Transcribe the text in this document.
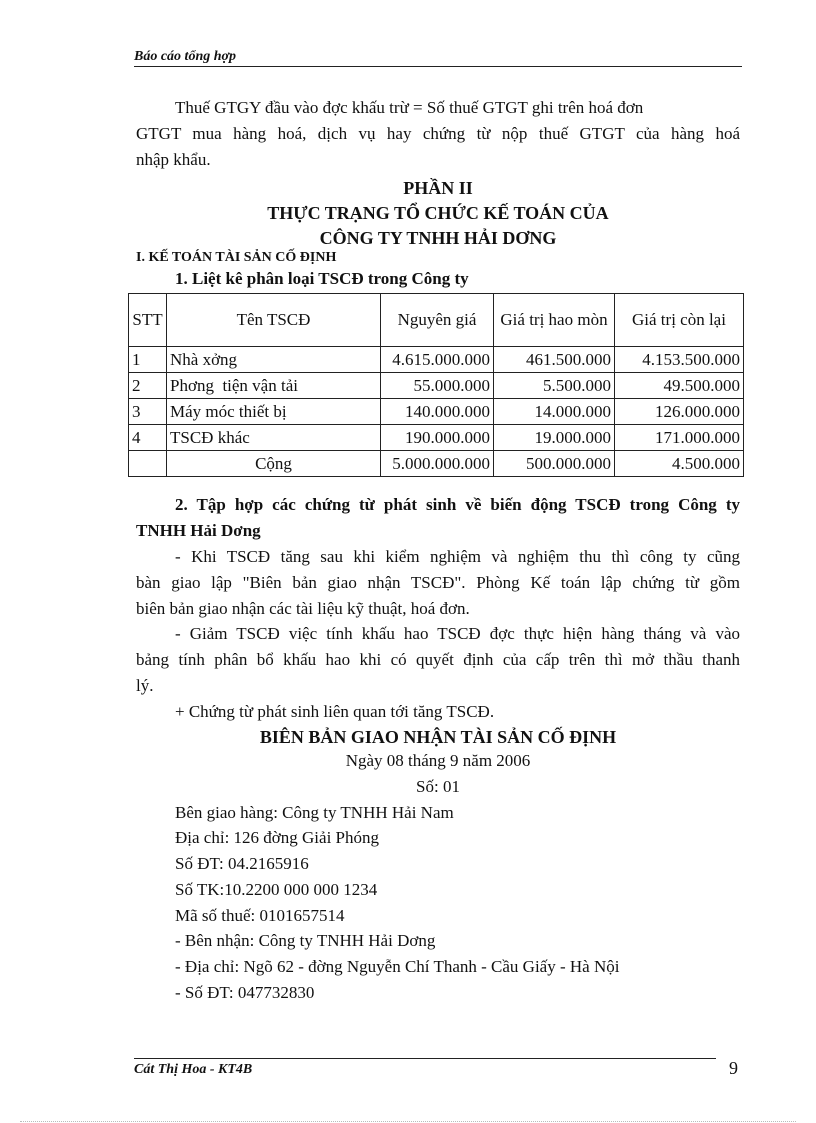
Báo cáo tổng hợp
Thuế GTGY đầu vào đợc khấu trừ = Số thuế GTGT ghi trên hoá đơn
GTGT mua hàng hoá, dịch vụ hay chứng từ nộp thuế GTGT của hàng hoá
nhập khẩu.
PHẦN II
THỰC TRẠNG TỔ CHỨC KẾ TOÁN CỦA
CÔNG TY TNHH HẢI DƠNG
I. KẾ TOÁN TÀI SẢN CỐ ĐỊNH
1. Liệt kê phân loại TSCĐ trong Công ty
STT	Tên TSCĐ	Nguyên giá	Giá trị hao mòn	Giá trị còn lại
1	Nhà xởng	4.615.000.000	461.500.000	4.153.500.000
2	Phơng  tiện vận tải	55.000.000	5.500.000	49.500.000
3	Máy móc thiết bị	140.000.000	14.000.000	126.000.000
4	TSCĐ khác	190.000.000	19.000.000	171.000.000
	Cộng	5.000.000.000	500.000.000	4.500.000
2. Tập hợp các chứng từ phát sinh về biến động TSCĐ trong Công ty
TNHH Hải Dơng
- Khi TSCĐ tăng sau khi kiểm nghiệm và nghiệm thu thì công ty cũng
bàn giao lập "Biên bản giao nhận TSCĐ". Phòng Kế toán lập chứng từ gồm
biên bản giao nhận các tài liệu kỹ thuật, hoá đơn.
- Giảm TSCĐ việc tính khấu hao TSCĐ đợc thực hiện hàng tháng và vào
bảng tính phân bổ khấu hao khi có quyết định của cấp trên thì mở thầu thanh
lý.
+ Chứng từ phát sinh liên quan tới tăng TSCĐ.
BIÊN BẢN GIAO NHẬN TÀI SẢN CỐ ĐỊNH
Ngày 08 tháng 9 năm 2006
Số: 01
Bên giao hàng: Công ty TNHH Hải Nam
Địa chỉ: 126 đờng Giải Phóng
Số ĐT: 04.2165916
Số TK:10.2200 000 000 1234
Mã số thuế: 0101657514
- Bên nhận: Công ty TNHH Hải Dơng
- Địa chỉ: Ngõ 62 - đờng Nguyễn Chí Thanh - Cầu Giấy - Hà Nội
- Số ĐT: 047732830
Cát Thị Hoa - KT4B	9
